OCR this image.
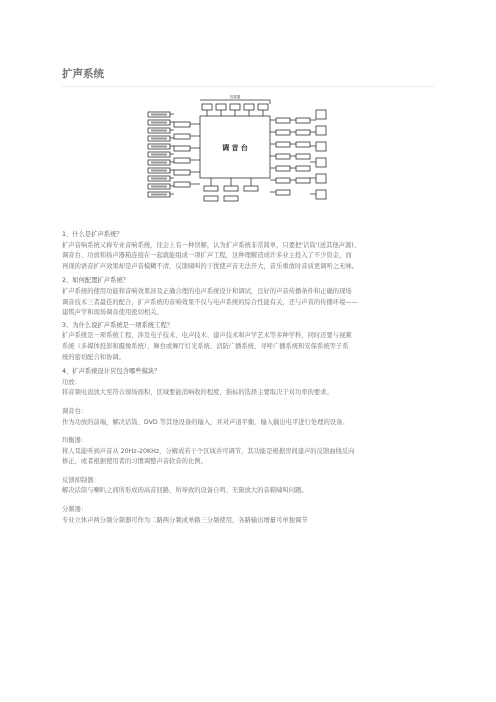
扩声系统
调 音 台
效果器

1、什么是扩声系统？

扩声音响系统又称专业音响系统，往会上有一种误解，认为扩声系统非常简单，只要把'话筒'(送其他声源)、

调音台、功放和扬声器箱连接在一起就能组成一项扩声工程，这种理解造成许多业主投入了不少资金，而

再现的语音扩声效果却是声音模糊不清，反馈啸叫的干扰使声音无法开大，音乐重放时音质更调听之无味。

2、如何配置扩声系统？

扩声系统的使用功能和音响效果涉及正确合理的电声系统设计和调试，良好的声音传播条件和正确的现场

调音技术三者最佳的配合，扩声系统的音响效果不仅与电声系统的综合性能有关，还与声音的传播环境——

建筑声学和现场调音使用密切相关。

3、为什么说扩声系统是一项系统工程？

扩声系统是一项系统工程，涉及电子技术、电声技术、建声技术和声学艺术等多种学科，同时还要与视频

系统（多媒体投影和摄像系统）、舞台或舞厅灯光系统、消防广播系统、寻呼广播系统和安保系统等子系

统的密切配合和协调。

4、扩声系统设计应包含哪些模块？

功放：

将音频电流放大至符合现场面积、区域要能消响收的程度，指标的选择主要取决于对功率的要求。

调音台：

作为功放的前端，解决话筒、DVD 等其他设备的输入，并对声道平衡、输入输出电平进行处理的设备。

均衡器：

将人耳能听到声音从 20Hz-20KHz，分解成若干个区域并可调节，其功能是根据房间建声的反馈曲线反向

修正，或者根据使用者的习惯调整声音软音的比例。

反馈抑制器：

解决话筒与喇叭之间所形成的高音回路，所导致的设备自鸣、无限放大的音箱啸叫问题。

分频器：

专业立体声两分频分频器可作为二路两分频或单路三分频使用，各路输出增量可单独调节
